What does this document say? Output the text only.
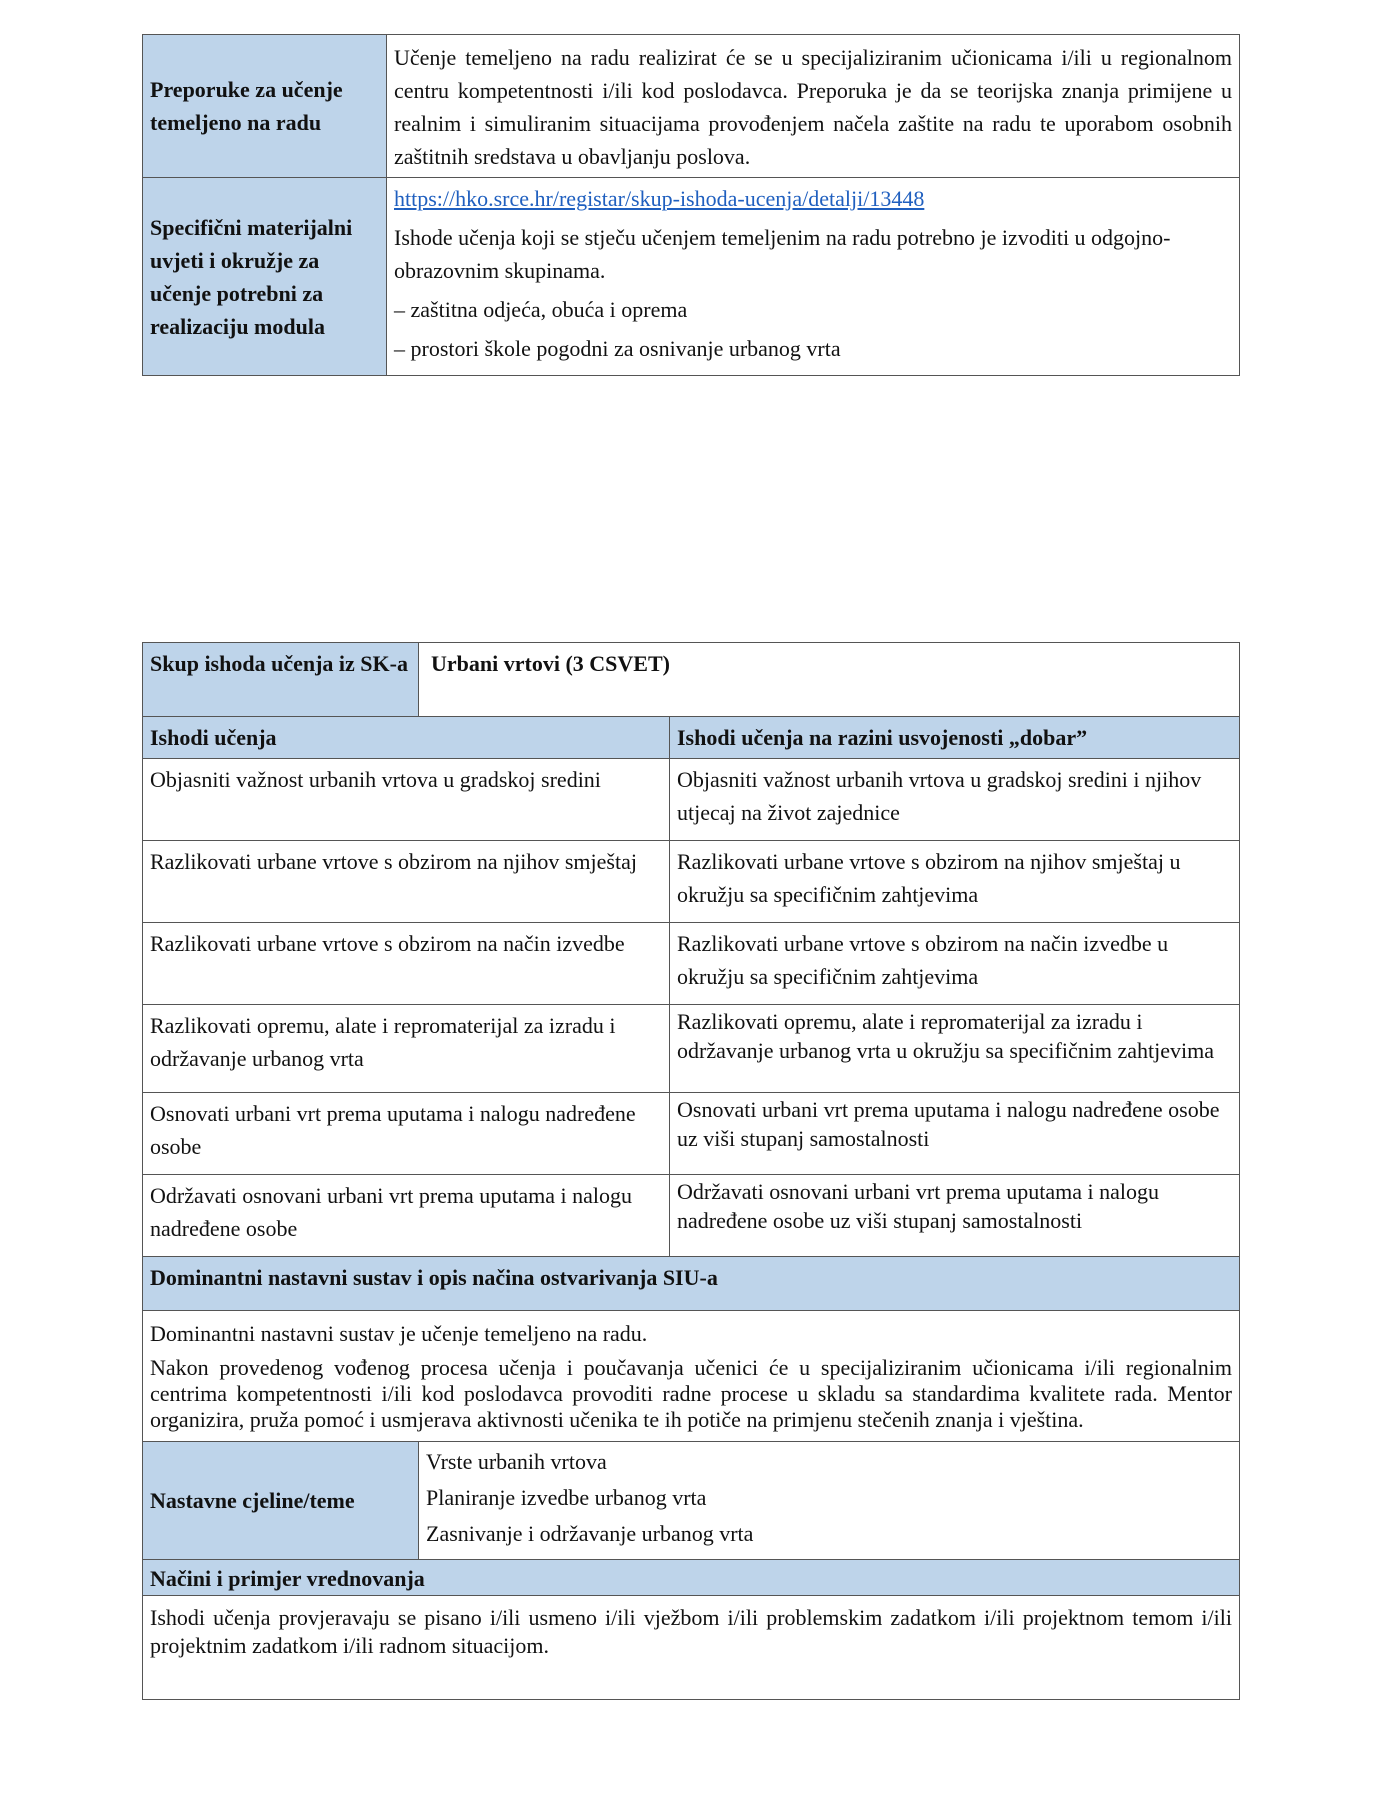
Preporuke za učenje temeljeno na radu	Učenje temeljeno na radu realizirat će se u specijaliziranim učionicama i/ili u regionalnom centru kompetentnosti i/ili kod poslodavca. Preporuka je da se teorijska znanja primijene u realnim i simuliranim situacijama provođenjem načela zaštite na radu te uporabom osobnih zaštitnih sredstava u obavljanju poslova.
Specifični materijalni uvjeti i okružje za učenje potrebni za realizaciju modula	https://hko.srce.hr/registar/skup-ishoda-ucenja/detalji/13448

Ishode učenja koji se stječu učenjem temeljenim na radu potrebno je izvoditi u odgojno-obrazovnim skupinama.

– zaštitna odjeća, obuća i oprema

– prostori škole pogodni za osnivanje urbanog vrta

Skup ishoda učenja iz SK-a	Urbani vrtovi (3 CSVET)	
Ishodi učenja		Ishodi učenja na razini usvojenosti „dobar”
Objasniti važnost urbanih vrtova u gradskoj sredini		Objasniti važnost urbanih vrtova u gradskoj sredini i njihov utjecaj na život zajednice
Razlikovati urbane vrtove s obzirom na njihov smještaj		Razlikovati urbane vrtove s obzirom na njihov smještaj u okružju sa specifičnim zahtjevima
Razlikovati urbane vrtove s obzirom na način izvedbe		Razlikovati urbane vrtove s obzirom na način izvedbe u okružju sa specifičnim zahtjevima
Razlikovati opremu, alate i repromaterijal za izradu i održavanje urbanog vrta		Razlikovati opremu, alate i repromaterijal za izradu i održavanje urbanog vrta u okružju sa specifičnim zahtjevima
Osnovati urbani vrt prema uputama i nalogu nadređene osobe		Osnovati urbani vrt prema uputama i nalogu nadređene osobe uz viši stupanj samostalnosti
Održavati osnovani urbani vrt prema uputama i nalogu nadređene osobe		Održavati osnovani urbani vrt prema uputama i nalogu nadređene osobe uz viši stupanj samostalnosti
Dominantni nastavni sustav i opis načina ostvarivanja SIU-a		

Dominantni nastavni sustav je učenje temeljeno na radu.

Nakon provedenog vođenog procesa učenja i poučavanja učenici će u specijaliziranim učionicama i/ili regionalnim centrima kompetentnosti i/ili kod poslodavca provoditi radne procese u skladu sa standardima kvalitete rada. Mentor organizira, pruža pomoć i usmjerava aktivnosti učenika te ih potiče na primjenu stečenih znanja i vještina.		

Nastavne cjeline/teme	Vrste urbanih vrtova

Planiranje izvedbe urbanog vrta

Zasnivanje i održavanje urbanog vrta	

Načini i primjer vrednovanja		
Ishodi učenja provjeravaju se pisano i/ili usmeno i/ili vježbom i/ili problemskim zadatkom i/ili projektnom temom i/ili projektnim zadatkom i/ili radnom situacijom.		
